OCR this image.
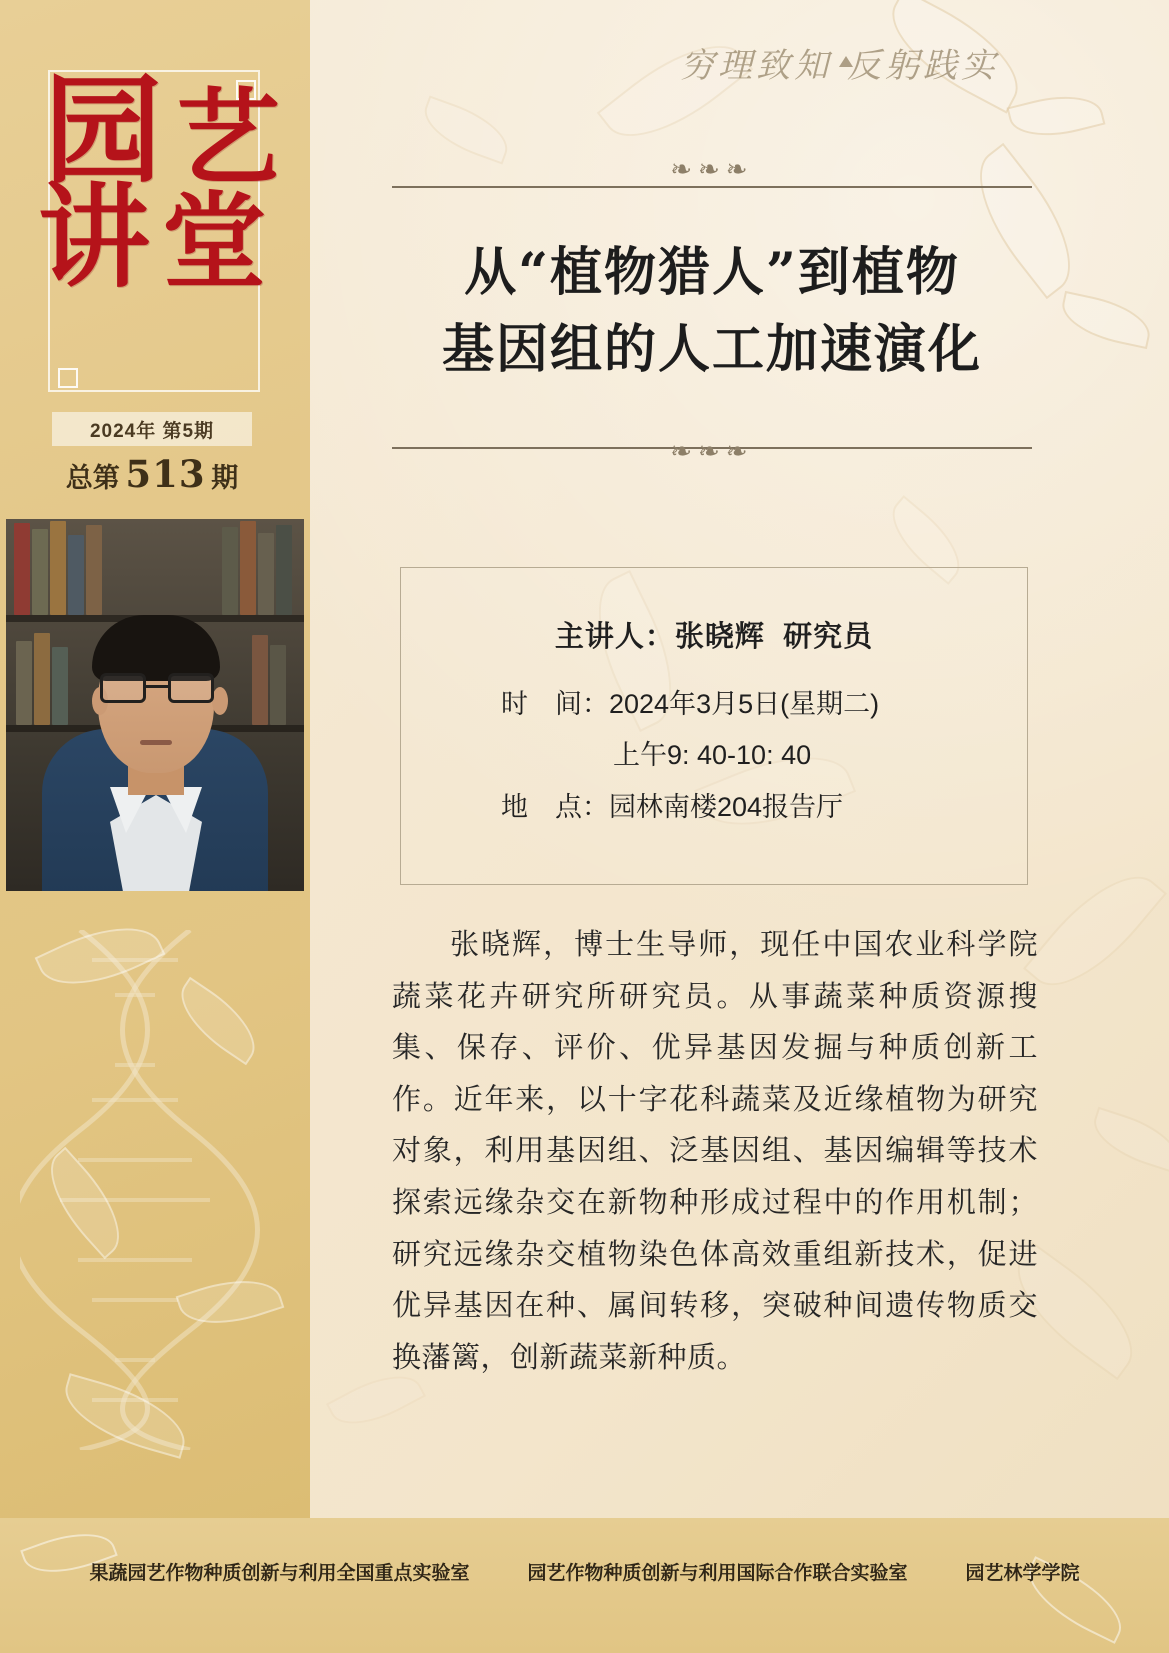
园 艺
讲 堂
2024年 第5期
总第 513 期
穷理致知 反躬践实
❧❧❧
从“植物猎人”到植物
基因组的人工加速演化
❧❧❧
主讲人：张晓辉 研究员
时　间：2024年3月5日(星期二)
上午9: 40-10: 40
地　点：园林南楼204报告厅
张晓辉，博士生导师，现任中国农业科学院蔬菜花卉研究所研究员。从事蔬菜种质资源搜集、保存、评价、优异基因发掘与种质创新工作。近年来，以十字花科蔬菜及近缘植物为研究对象，利用基因组、泛基因组、基因编辑等技术探索远缘杂交在新物种形成过程中的作用机制；研究远缘杂交植物染色体高效重组新技术，促进优异基因在种、属间转移，突破种间遗传物质交换藩篱，创新蔬菜新种质。
果蔬园艺作物种质创新与利用全国重点实验室	园艺作物种质创新与利用国际合作联合实验室	园艺林学学院
